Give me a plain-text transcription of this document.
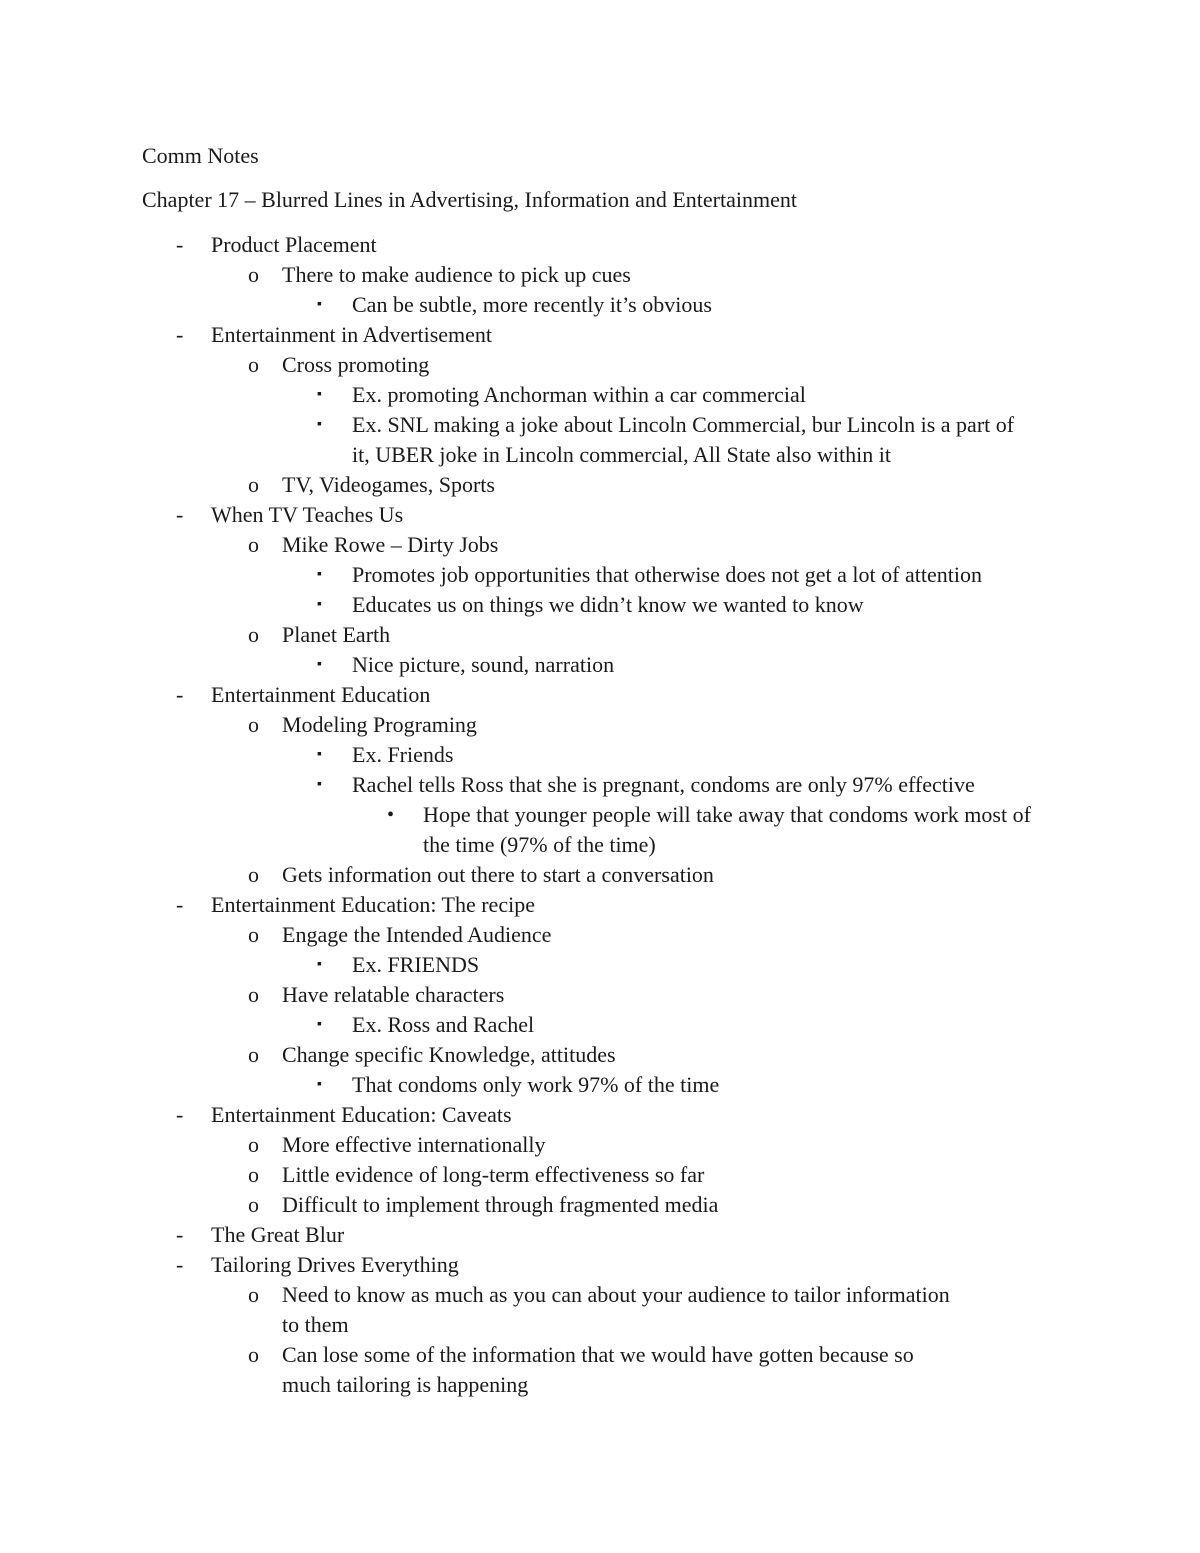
Comm Notes
Chapter 17 – Blurred Lines in Advertising, Information and Entertainment
- Product Placement
o There to make audience to pick up cues
▪ Can be subtle, more recently it’s obvious
- Entertainment in Advertisement
o Cross promoting
▪ Ex. promoting Anchorman within a car commercial
▪ Ex. SNL making a joke about Lincoln Commercial, bur Lincoln is a part of it, UBER joke in Lincoln commercial, All State also within it
o TV, Videogames, Sports
- When TV Teaches Us
o Mike Rowe – Dirty Jobs
▪ Promotes job opportunities that otherwise does not get a lot of attention
▪ Educates us on things we didn’t know we wanted to know
o Planet Earth
▪ Nice picture, sound, narration
- Entertainment Education
o Modeling Programing
▪ Ex. Friends
▪ Rachel tells Ross that she is pregnant, condoms are only 97% effective
• Hope that younger people will take away that condoms work most of the time (97% of the time)
o Gets information out there to start a conversation
- Entertainment Education: The recipe
o Engage the Intended Audience
▪ Ex. FRIENDS
o Have relatable characters
▪ Ex. Ross and Rachel
o Change specific Knowledge, attitudes
▪ That condoms only work 97% of the time
- Entertainment Education: Caveats
o More effective internationally
o Little evidence of long-term effectiveness so far
o Difficult to implement through fragmented media
- The Great Blur
- Tailoring Drives Everything
o Need to know as much as you can about your audience to tailor information to them
o Can lose some of the information that we would have gotten because so much tailoring is happening
